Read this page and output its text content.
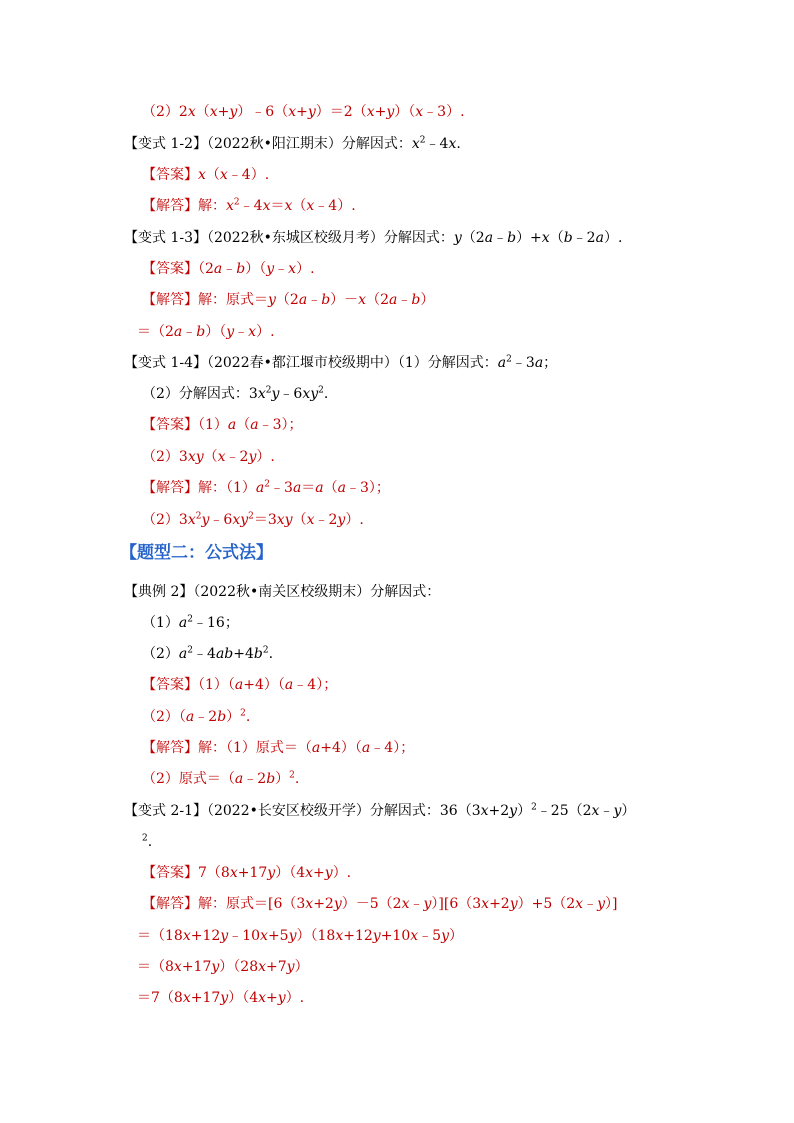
（2）2x（x+y）﹣6（x+y）＝2（x+y）（x﹣3）.
【变式 1-2】（2022秋•阳江期末）分解因式：$x^2﹣4x$.
【答案】x（x﹣4）.
【解答】解：$x^2﹣4x=x(x﹣4)$.
【变式 1-3】（2022秋•东城区校级月考）分解因式：y（2a﹣b）+x（b﹣2a）.
【答案】（2a﹣b）（y﹣x）.
【解答】解：原式＝y（2a﹣b）－x（2a﹣b）
＝（2a﹣b）（y﹣x）.
【变式 1-4】（2022春•都江堰市校级期中）（1）分解因式：$a^2﹣3a$；
（2）分解因式：$3x^2y﹣6xy^2$.
【答案】（1）a（a﹣3）；
（2）3xy（x﹣2y）.
【解答】解：$(1)a^2﹣3a=a(a﹣3)$；
$(2)3x^2y﹣6xy^2=3xy(x﹣2y)$.
【题型二：公式法】
【典例 2】（2022秋•南关区校级期末）分解因式：
$(1)a^2﹣16$；
$(2)a^2﹣4ab+4b^2$.
【答案】（1）（a+4）（a﹣4）；
（2）（a﹣2b）$^2$.
【解答】解：（1）原式＝（a+4）（a﹣4）；
（2）原式＝（a﹣2b）$^2$.
【变式 2-1】（2022•长安区校级开学）分解因式：$36(3x+2y)^2﹣25(2x﹣y)$
$^2$.
【答案】7（8x+17y）（4x+y）.
【解答】解：原式＝[6（3x+2y）－5（2x﹣y）][6（3x+2y）+5（2x﹣y）]
＝（18x+12y﹣10x+5y）（18x+12y+10x﹣5y）
＝（8x+17y）（28x+7y）
＝7（8x+17y）（4x+y）.
